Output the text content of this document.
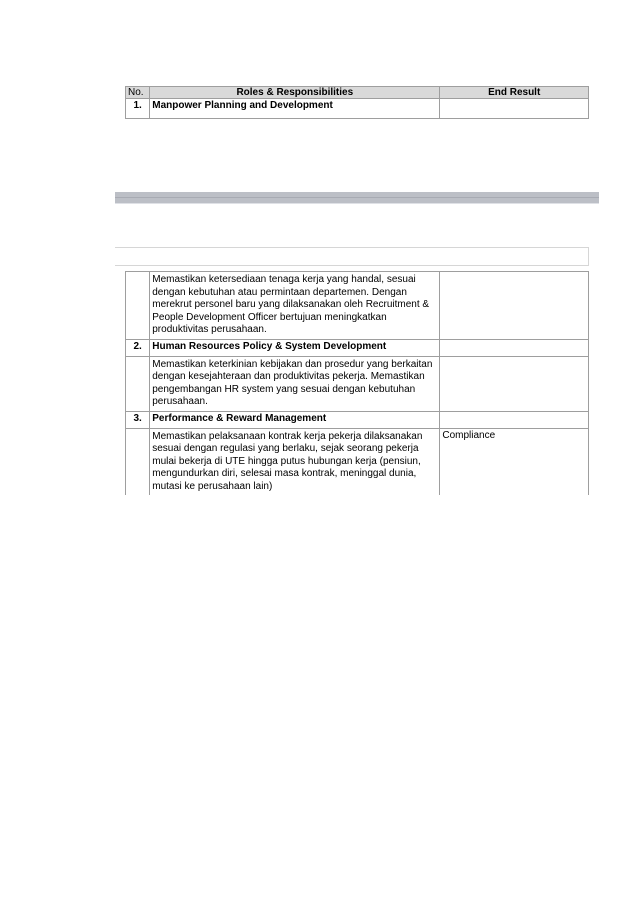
No.	Roles & Responsibilities	End Result
1.	Manpower Planning and Development	
	Memastikan ketersediaan tenaga kerja yang handal, sesuai dengan kebutuhan atau permintaan departemen. Dengan merekrut personel baru yang dilaksanakan oleh Recruitment & People Development Officer bertujuan meningkatkan produktivitas perusahaan.	
2.	Human Resources Policy & System Development	
	Memastikan keterkinian kebijakan dan prosedur yang berkaitan dengan kesejahteraan dan produktivitas pekerja. Memastikan pengembangan HR system yang sesuai dengan kebutuhan perusahaan.	
3.	Performance & Reward Management	
	Memastikan pelaksanaan kontrak kerja pekerja dilaksanakan sesuai dengan regulasi yang berlaku, sejak seorang pekerja mulai bekerja di UTE hingga putus hubungan kerja (pensiun, mengundurkan diri, selesai masa kontrak, meninggal dunia, mutasi ke perusahaan lain)	Compliance
